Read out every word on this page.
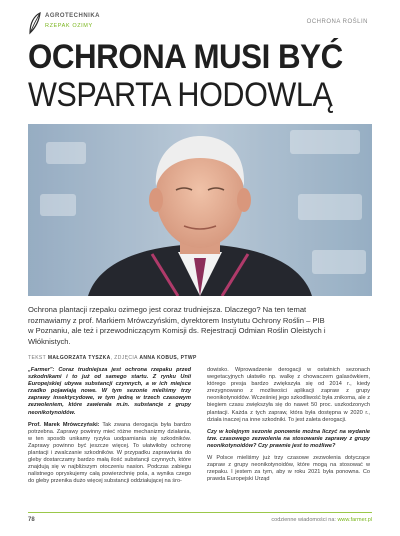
AGROTECHNIKA
RZEPAK OZIMY
OCHRONA ROŚLIN
OCHRONA MUSI BYĆ
WSPARTA HODOWLĄ
Ochrona plantacji rzepaku ozimego jest coraz trudniejsza. Dlaczego? Na ten temat rozmawiamy z prof. Markiem Mrówczyńskim, dyrektorem Instytutu Ochrony Roślin – PIB w Poznaniu, ale też i przewodniczącym Komisji ds. Rejestracji Odmian Roślin Oleistych i Włóknistych.
TEKST MAŁGORZATA TYSZKA, ZDJĘCIA ANNA KOBUS, PTWP

„Farmer”: Coraz trudniejsza jest ochrona rzepaku przed szkodnikami i to już od samego startu. Z rynku Unii Europejskiej ubywa substancji czynnych, a w ich miejsce rzadko pojawiają nowe. W tym sezonie mieliśmy trzy zaprawy insektycydowe, w tym jedną w trzech czasowym zezwoleniem, które zawierała m.in. substancje z grupy neonikotynoidów.

Prof. Marek Mrówczyński: Tak zwana derogacja była bardzo potrzebna. Zaprawy powinny mieć różne mechanizmy działania, w ten sposób unikamy ryzyka uodparniania się szkodników. Zaprawy powinno być jeszcze więcej. To ułatwiłoby ochronę plantacji i zwalczanie szkodników. W przypadku zaprawiania do gleby dostarczamy bardzo małą ilość substancji czynnych, które znajdują się w najbliższym otoczeniu nasion. Podczas zabiegu nalistnego opryskujemy całą powierzchnię pola, a wynika czego do gleby przenika dużo więcej substancji oddziałującej na śro-

dowisko. Wprowadzenie derogacji w ostatnich sezonach wegetacyjnych ułatwiło np. walkę z chowaczem galasówkiem, którego presja bardzo zwiększyła się od 2014 r., kiedy zrezygnowano z możliwości aplikacji zapraw z grupy neonikotynoidów. Wcześniej jego szkodliwość była znikoma, ale z biegiem czasu zwiększyła się do nawet 50 proc. uszkodzonych plantacji. Każda z tych zapraw, która była dostępna w 2020 r., działa inaczej na inne szkodniki. To jest zaleta derogacji.

Czy w kolejnym sezonie ponownie można liczyć na wydanie tzw. czasowego zezwolenia na stosowanie zaprawy z grupy neonikotynoidów? Czy prawnie jest to możliwe?

W Polsce mieliśmy już trzy czasowe zezwolenia dotyczące zapraw z grupy neonikotynoidów, które mogą na stosować w rzepaku. I jestem za tym, aby w roku 2021 była ponowna. Co prawda Europejski Urząd

78	codzienne wiadomości na: www.farmer.pl
